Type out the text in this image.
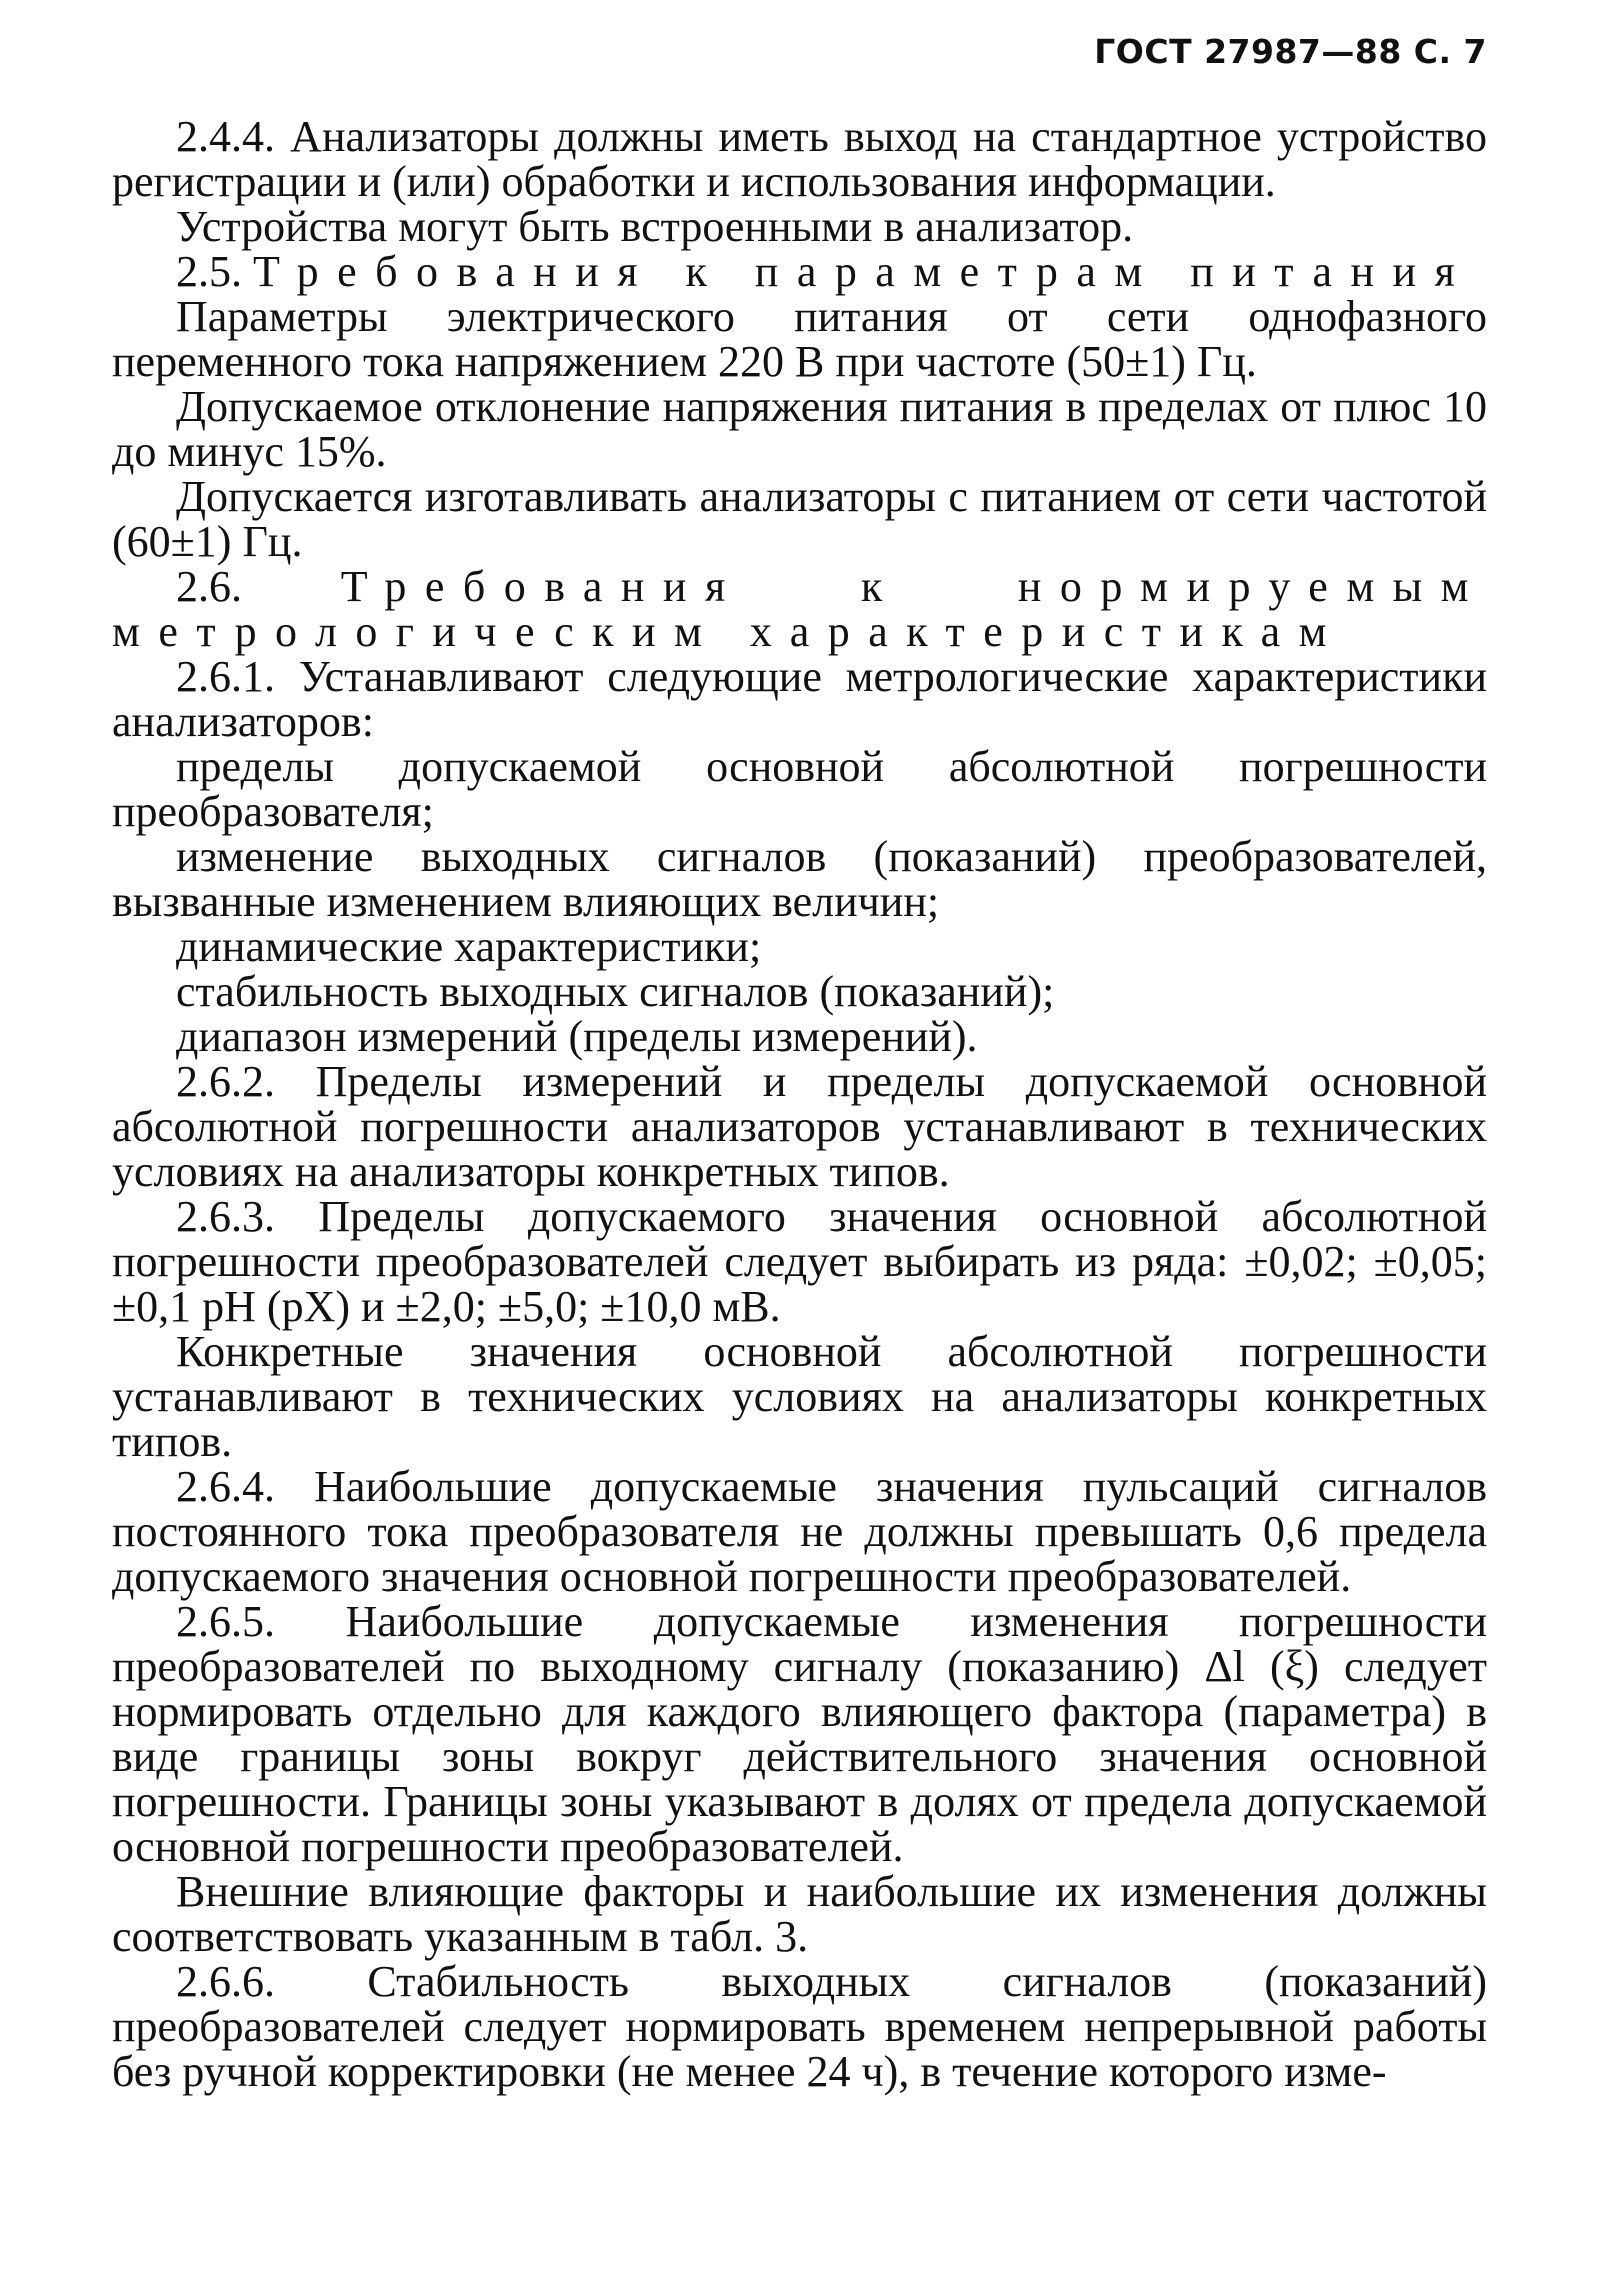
ГОСТ 27987—88 С. 7

2.4.4. Анализаторы должны иметь выход на стандартное устройство регистрации и (или) обработки и использования информации.

Устройства могут быть встроенными в анализатор.

2.5. Требования к параметрам питания

Параметры электрического питания от сети однофазного переменного тока напряжением 220 В при частоте (50±1) Гц.

Допускаемое отклонение напряжения питания в пределах от плюс 10 до минус 15%.

Допускается изготавливать анализаторы с питанием от сети частотой (60±1) Гц.

2.6. Требования к нормируемым метрологическим характеристикам

2.6.1. Устанавливают следующие метрологические характеристики анализаторов:

пределы допускаемой основной абсолютной погрешности преобразователя;

изменение выходных сигналов (показаний) преобразователей, вызванные изменением влияющих величин;

динамические характеристики;

стабильность выходных сигналов (показаний);

диапазон измерений (пределы измерений).

2.6.2. Пределы измерений и пределы допускаемой основной абсолютной погрешности анализаторов устанавливают в технических условиях на анализаторы конкретных типов.

2.6.3. Пределы допускаемого значения основной абсолютной погрешности преобразователей следует выбирать из ряда: ±0,02; ±0,05; ±0,1 pH (pX) и ±2,0; ±5,0; ±10,0 мВ.

Конкретные значения основной абсолютной погрешности устанавливают в технических условиях на анализаторы конкретных типов.

2.6.4. Наибольшие допускаемые значения пульсаций сигналов постоянного тока преобразователя не должны превышать 0,6 предела допускаемого значения основной погрешности преобразователей.

2.6.5. Наибольшие допускаемые изменения погрешности преобразователей по выходному сигналу (показанию) Δl (ξ) следует нормировать отдельно для каждого влияющего фактора (параметра) в виде границы зоны вокруг действительного значения основной погрешности. Границы зоны указывают в долях от предела допускаемой основной погрешности преобразователей.

Внешние влияющие факторы и наибольшие их изменения должны соответствовать указанным в табл. 3.

2.6.6. Стабильность выходных сигналов (показаний) преобразователей следует нормировать временем непрерывной работы без ручной корректировки (не менее 24 ч), в течение которого изме-
